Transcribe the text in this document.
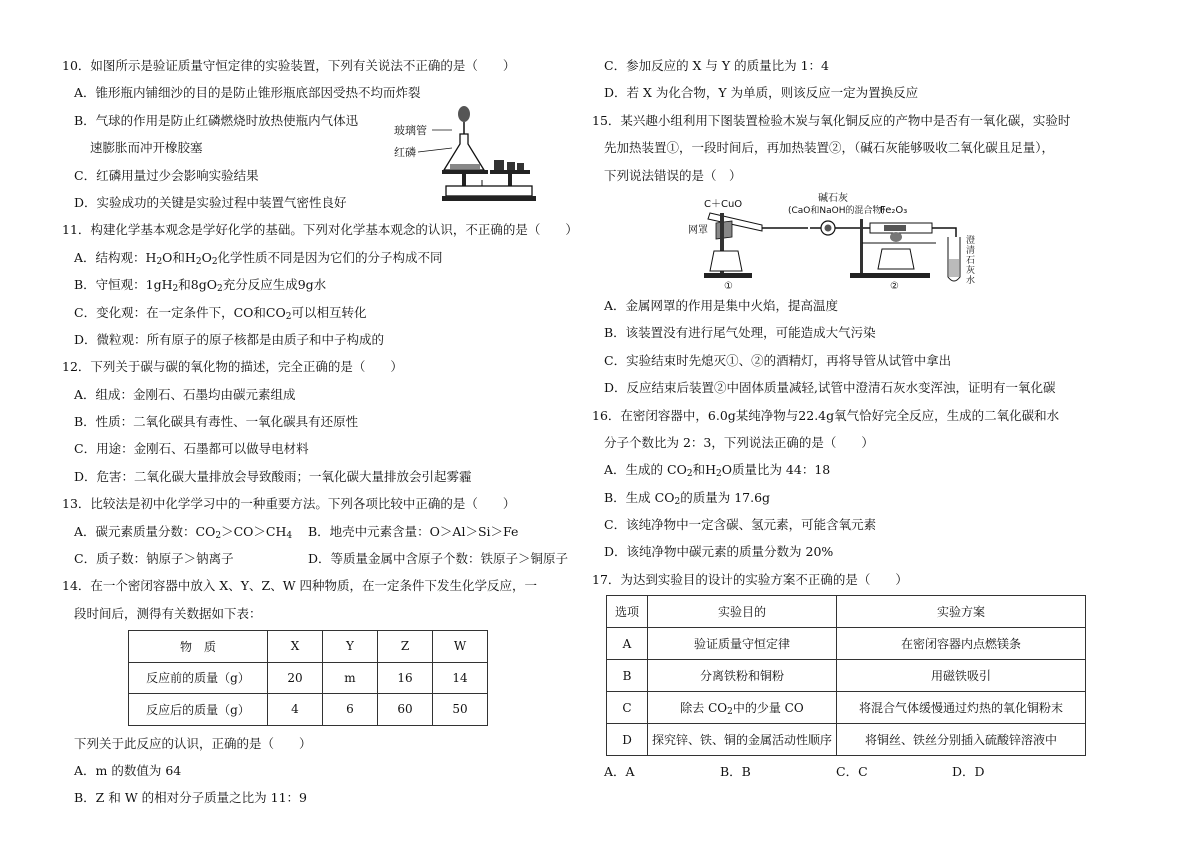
10．如图所示是验证质量守恒定律的实验装置，下列有关说法不正确的是（　　）
A．锥形瓶内铺细沙的目的是防止锥形瓶底部因受热不均而炸裂
B．气球的作用是防止红磷燃烧时放热使瓶内气体迅
速膨胀而冲开橡胶塞
C．红磷用量过少会影响实验结果
D．实验成功的关键是实验过程中装置气密性良好
11．构建化学基本观念是学好化学的基础。下列对化学基本观念的认识，不正确的是（　　）
A．结构观：$H_2O$和$H_2O_2$化学性质不同是因为它们的分子构成不同
B．守恒观：$1gH_2$和$8gO_2$充分反应生成9g水
C．变化观：在一定条件下，CO和$CO_2$可以相互转化
D．微粒观：所有原子的原子核都是由质子和中子构成的
12．下列关于碳与碳的氧化物的描述，完全正确的是（　　）
A．组成：金刚石、石墨均由碳元素组成
B．性质：二氧化碳具有毒性、一氧化碳具有还原性
C．用途：金刚石、石墨都可以做导电材料
D．危害：二氧化碳大量排放会导致酸雨；一氧化碳大量排放会引起雾霾
13．比较法是初中化学学习中的一种重要方法。下列各项比较中正确的是（　　）
A．碳元素质量分数：$CO_2>CO>CH_4$	B．地壳中元素含量：O＞Al＞Si＞Fe
C．质子数：钠原子＞钠离子	D．等质量金属中含原子个数：铁原子＞铜原子
14．在一个密闭容器中放入 X、Y、Z、W 四种物质，在一定条件下发生化学反应，一
段时间后，测得有关数据如下表：
物　质	X	Y	Z	W
反应前的质量（g）	20	m	16	14
反应后的质量（g）	4	6	60	50
下列关于此反应的认识，正确的是（　　）
A．m 的数值为 64
B．Z 和 W 的相对分子质量之比为 11：9
玻璃管
红磷
C．参加反应的 X 与 Y 的质量比为 1：4
D．若 X 为化合物，Y 为单质，则该反应一定为置换反应
15．某兴趣小组利用下图装置检验木炭与氧化铜反应的产物中是否有一氧化碳，实验时
先加热装置①，一段时间后，再加热装置②，（碱石灰能够吸收二氧化碳且足量），
下列说法错误的是（　）
C＋CuO
网罩
①
碱石灰
(CaO和NaOH的混合物)
Fe₂O₃
②
澄
清
石
灰
水
A．金属网罩的作用是集中火焰，提高温度
B．该装置没有进行尾气处理，可能造成大气污染
C．实验结束时先熄灭①、②的酒精灯，再将导管从试管中拿出
D．反应结束后装置②中固体质量减轻,试管中澄清石灰水变浑浊，证明有一氧化碳
16．在密闭容器中，6.0g某纯净物与22.4g氧气恰好完全反应，生成的二氧化碳和水
分子个数比为 2：3，下列说法正确的是（　　）
A．生成的 $CO_2$和$H_2O$质量比为 44：18
B．生成 $CO_2$的质量为 17.6g
C．该纯净物中一定含碳、氢元素，可能含氧元素
D．该纯净物中碳元素的质量分数为 20%
17．为达到实验目的设计的实验方案不正确的是（　　）
选项	实验目的	实验方案
A	验证质量守恒定律	在密闭容器内点燃镁条
B	分离铁粉和铜粉	用磁铁吸引
C	除去 $CO_2$中的少量 CO	将混合气体缓慢通过灼热的氧化铜粉末
D	探究锌、铁、铜的金属活动性顺序	将铜丝、铁丝分别插入硫酸锌溶液中
A．A	B．B	C．C	D．D
